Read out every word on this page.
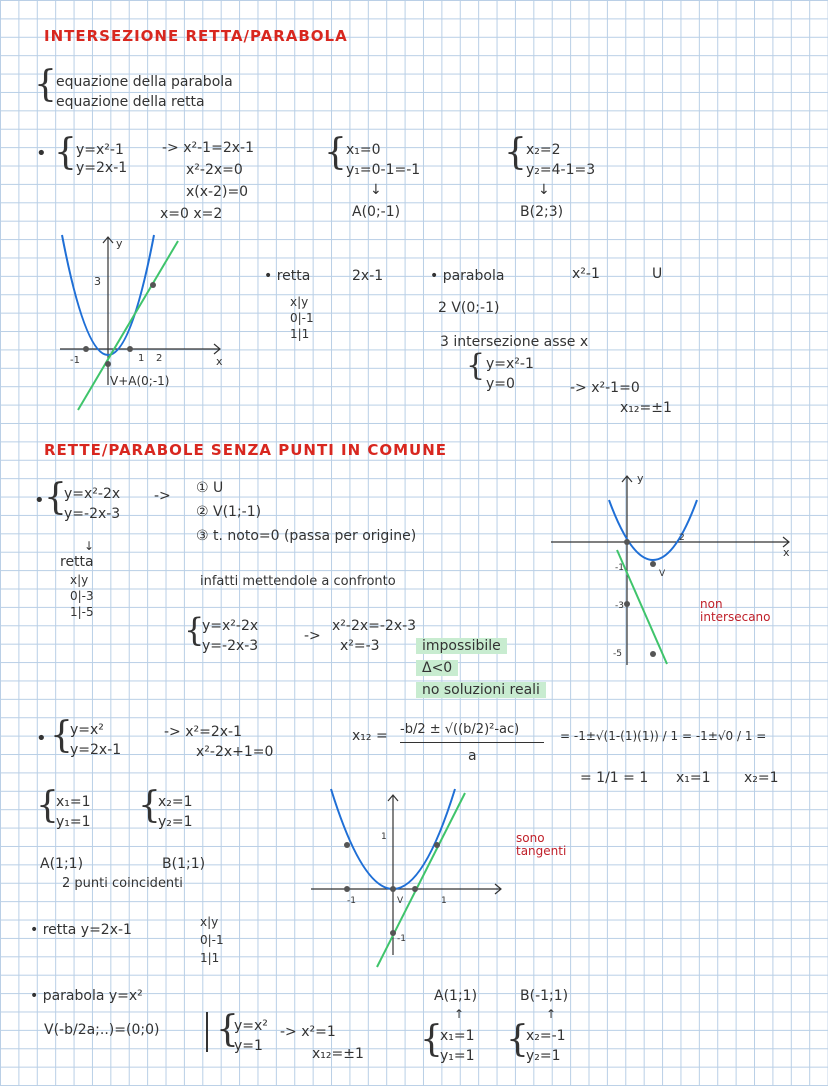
INTERSEZIONE RETTA/PARABOLA
{ equazione della parabola
equazione della retta
• { y=x²-1
y=2x-1
-> x²-1=2x-1
x²-2x=0
x(x-2)=0
x=0 x=2
{ x₁=0
y₁=0-1=-1
↓
A(0;-1)
{ x₂=2
y₂=4-1=3
↓
B(2;3)
y
x
3
-1	1 2
V+A(0;-1)
• retta	2x-1
x|y
0|-1
1|1
• parabola	x²-1	U
2 V(0;-1)
3 intersezione asse x
{ y=x²-1
y=0	-> x²-1=0
x₁₂=±1
RETTE/PARABOLE SENZA PUNTI IN COMUNE
• {
y=x²-2x
y=-2x-3
-> ① U
② V(1;-1)
③ t. noto=0 (passa per origine)
↓
retta
x|y
0|-3
1|-5
infatti mettendole a confronto
{
y=x²-2x
y=-2x-3
->
x²-2x=-2x-3
x²=-3	impossibile
Δ<0
no soluzioni reali
y
x
2
-1
V
-3
-5
non intersecano
• {
y=x²
y=2x-1
-> x²=2x-1
x²-2x+1=0
x₁₂ = -b/2 ± √((b/2)²-ac)
a
= -1±√(1-(1)(1)) / 1 = -1±√0 / 1 =
= 1/1 = 1 x₁=1 x₂=1
{
x₁=1
y₁=1 {
x₂=1
y₂=1
A(1;1)	B(1;1)
2 punti coincidenti
• retta y=2x-1	x|y
0|-1
1|1
1
-1	V	1
-1
sono tangenti
• parabola y=x²
V(-b/2a;..)=(0;0) {
y=x²
y=1
-> x²=1
x₁₂=±1
A(1;1)	B(-1;1)
↑	↑
{
x₁=1
y₁=1 {
x₂=-1
y₂=1
